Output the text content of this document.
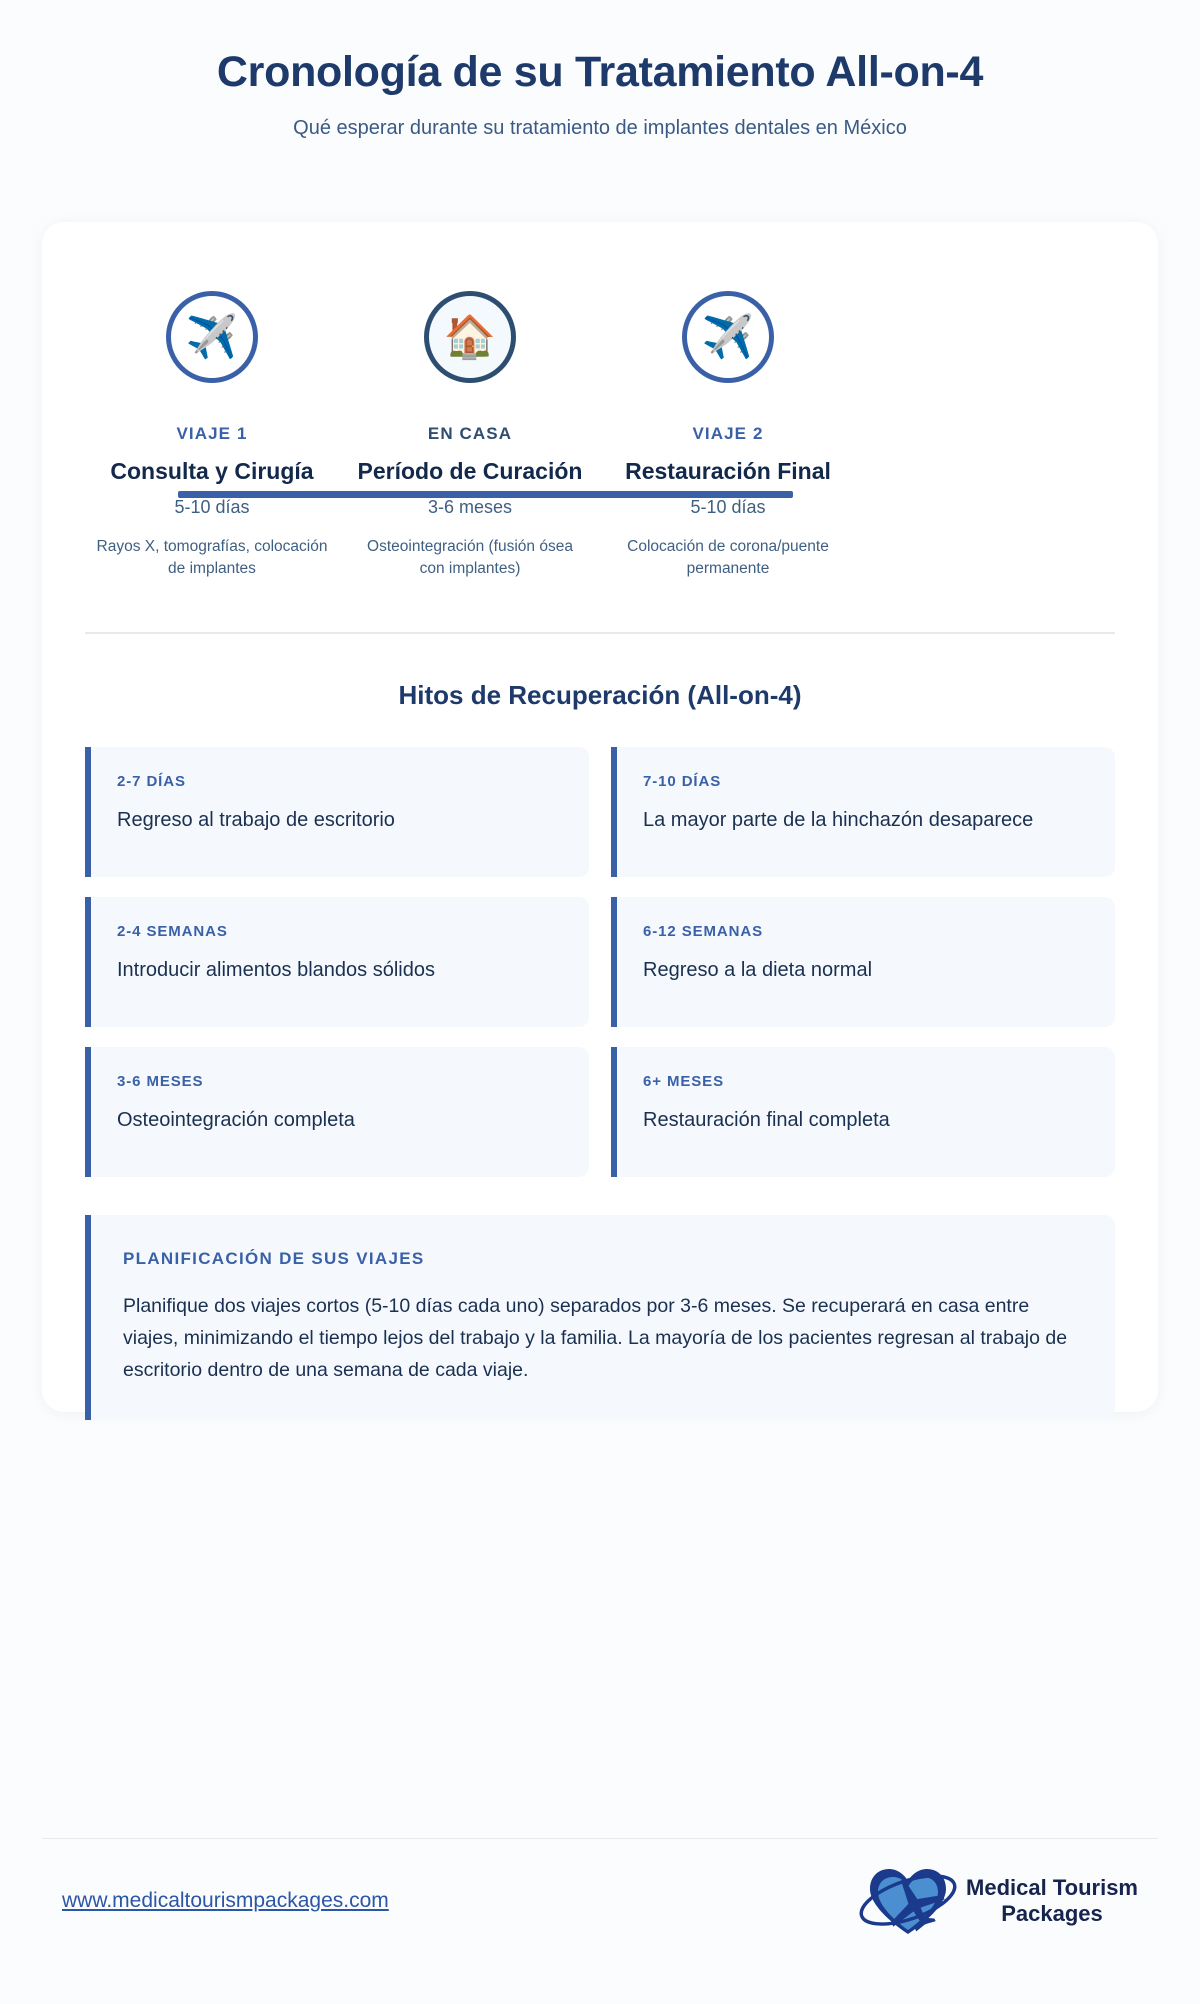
Cronología de su Tratamiento All-on-4

Qué esperar durante su tratamiento de implantes dentales en México

✈️
VIAJE 1
Consulta y Cirugía
5-10 días
Rayos X, tomografías, colocación de implantes
🏠
EN CASA
Período de Curación
3-6 meses
Osteointegración (fusión ósea con implantes)
✈️
VIAJE 2
Restauración Final
5-10 días
Colocación de corona/puente permanente
Hitos de Recuperación (All-on-4)
2-7 DÍAS
Regreso al trabajo de escritorio
7-10 DÍAS
La mayor parte de la hinchazón desaparece
2-4 SEMANAS
Introducir alimentos blandos sólidos
6-12 SEMANAS
Regreso a la dieta normal
3-6 MESES
Osteointegración completa
6+ MESES
Restauración final completa
PLANIFICACIÓN DE SUS VIAJES
Planifique dos viajes cortos (5-10 días cada uno) separados por 3-6 meses. Se recuperará en casa entre viajes, minimizando el tiempo lejos del trabajo y la familia. La mayoría de los pacientes regresan al trabajo de escritorio dentro de una semana de cada viaje.
www.medicaltourismpackages.com
Medical Tourism
Packages
